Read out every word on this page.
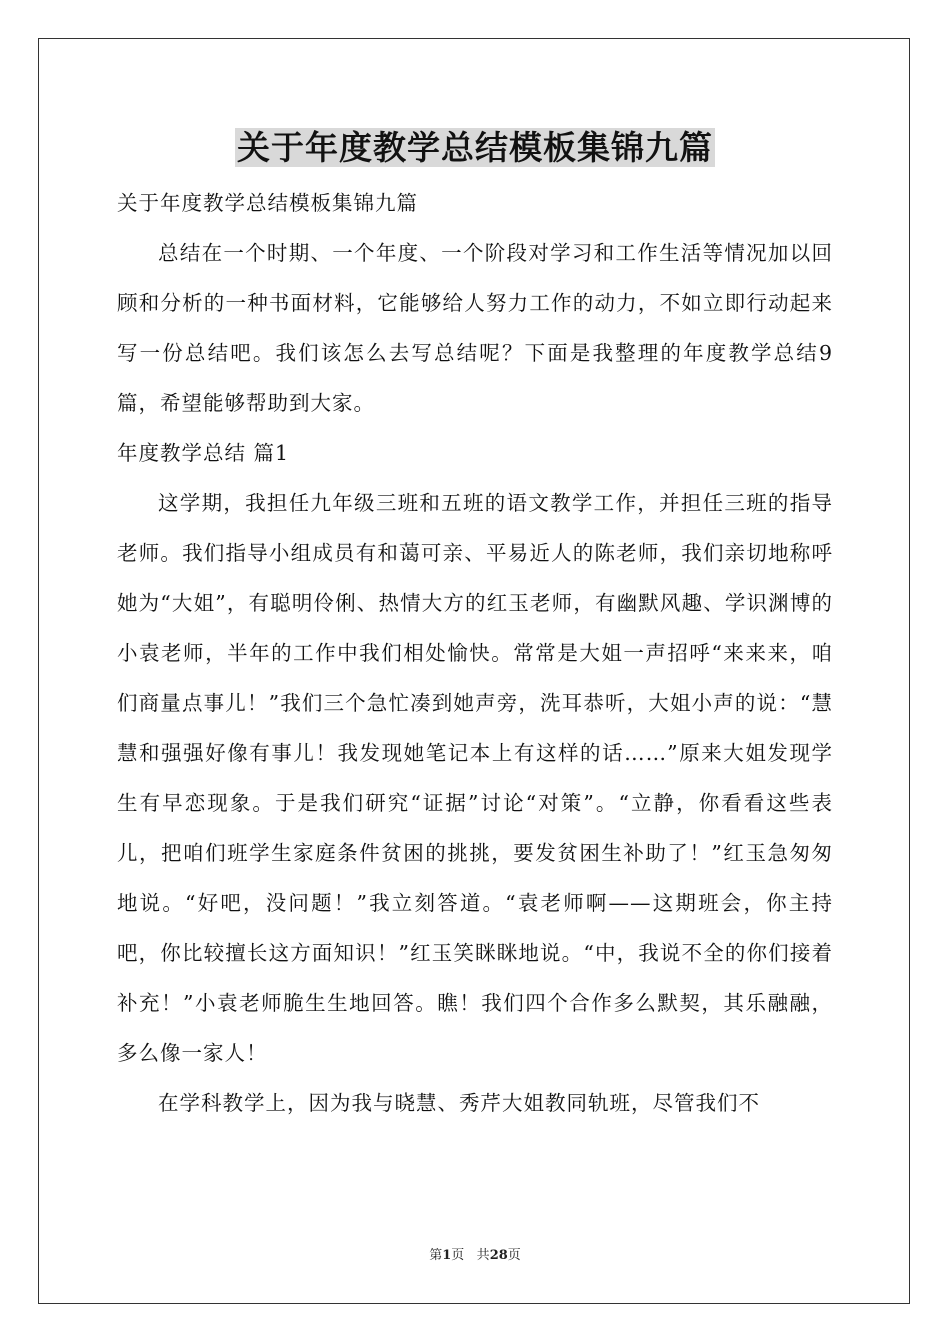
关于年度教学总结模板集锦九篇

关于年度教学总结模板集锦九篇

总结在一个时期、一个年度、一个阶段对学习和工作生活等情况加以回顾和分析的一种书面材料，它能够给人努力工作的动力，不如立即行动起来写一份总结吧。我们该怎么去写总结呢？下面是我整理的年度教学总结9篇，希望能够帮助到大家。

年度教学总结 篇1

这学期，我担任九年级三班和五班的语文教学工作，并担任三班的指导老师。我们指导小组成员有和蔼可亲、平易近人的陈老师，我们亲切地称呼她为“大姐”，有聪明伶俐、热情大方的红玉老师，有幽默风趣、学识渊博的小袁老师，半年的工作中我们相处愉快。常常是大姐一声招呼“来来来，咱们商量点事儿！”我们三个急忙凑到她声旁，洗耳恭听，大姐小声的说：“慧慧和强强好像有事儿！我发现她笔记本上有这样的话……”原来大姐发现学生有早恋现象。于是我们研究“证据”讨论“对策”。“立静，你看看这些表儿，把咱们班学生家庭条件贫困的挑挑，要发贫困生补助了！”红玉急匆匆地说。“好吧，没问题！”我立刻答道。“袁老师啊——这期班会，你主持吧，你比较擅长这方面知识！”红玉笑眯眯地说。“中，我说不全的你们接着补充！”小袁老师脆生生地回答。瞧！我们四个合作多么默契，其乐融融，多么像一家人！

在学科教学上，因为我与晓慧、秀芹大姐教同轨班，尽管我们不

第1页 共28页
